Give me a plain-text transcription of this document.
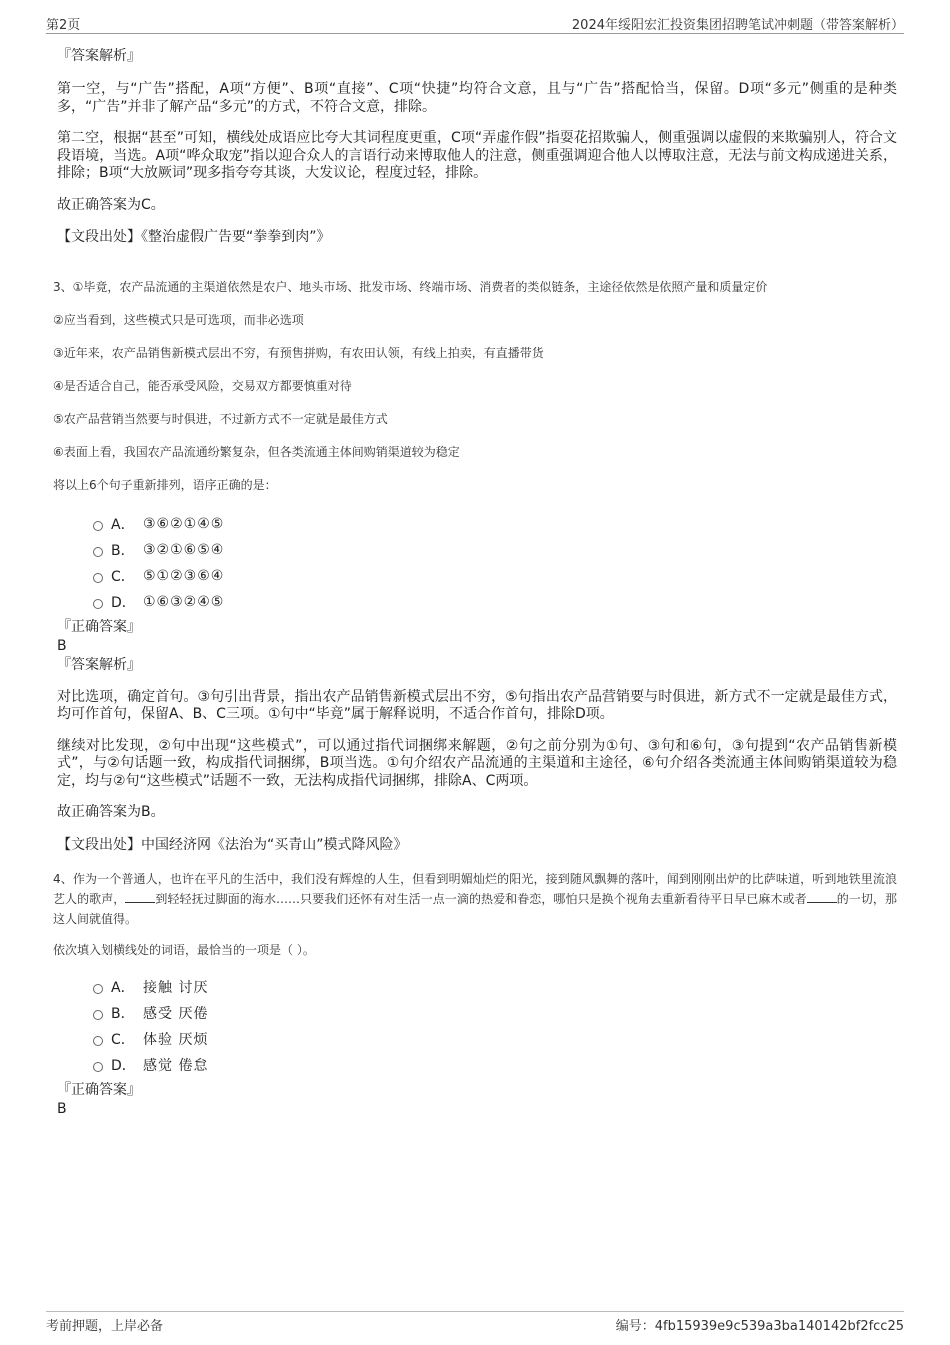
第2页	2024年绥阳宏汇投资集团招聘笔试冲刺题（带答案解析）
『答案解析』
第一空，与“广告”搭配，A项“方便”、B项“直接”、C项“快捷”均符合文意，且与“广告”搭配恰当，保留。D项“多元”侧重的是种类多，“广告”并非了解产品“多元”的方式，不符合文意，排除。
第二空，根据“甚至”可知，横线处成语应比夸大其词程度更重，C项“弄虚作假”指耍花招欺骗人，侧重强调以虚假的来欺骗别人，符合文段语境，当选。A项“哗众取宠”指以迎合众人的言语行动来博取他人的注意，侧重强调迎合他人以博取注意，无法与前文构成递进关系，排除；B项“大放厥词”现多指夸夸其谈，大发议论，程度过轻，排除。
故正确答案为C。
【文段出处】《整治虚假广告要“拳拳到肉”》
3、①毕竟，农产品流通的主渠道依然是农户、地头市场、批发市场、终端市场、消费者的类似链条，主途径依然是依照产量和质量定价
②应当看到，这些模式只是可选项，而非必选项
③近年来，农产品销售新模式层出不穷，有预售拼购，有农田认领，有线上拍卖，有直播带货
④是否适合自己，能否承受风险，交易双方都要慎重对待
⑤农产品营销当然要与时俱进，不过新方式不一定就是最佳方式
⑥表面上看，我国农产品流通纷繁复杂，但各类流通主体间购销渠道较为稳定
将以上6个句子重新排列，语序正确的是：
A． ③⑥②①④⑤
B． ③②①⑥⑤④
C． ⑤①②③⑥④
D． ①⑥③②④⑤
『正确答案』
B
『答案解析』
对比选项，确定首句。③句引出背景，指出农产品销售新模式层出不穷，⑤句指出农产品营销要与时俱进，新方式不一定就是最佳方式，均可作首句，保留A、B、C三项。①句中“毕竟”属于解释说明，不适合作首句，排除D项。
继续对比发现，②句中出现“这些模式”，可以通过指代词捆绑来解题，②句之前分别为①句、③句和⑥句，③句提到“农产品销售新模式”，与②句话题一致，构成指代词捆绑，B项当选。①句介绍农产品流通的主渠道和主途径，⑥句介绍各类流通主体间购销渠道较为稳定，均与②句“这些模式”话题不一致，无法构成指代词捆绑，排除A、C两项。
故正确答案为B。
【文段出处】中国经济网《法治为“买青山”模式降风险》
4、作为一个普通人，也许在平凡的生活中，我们没有辉煌的人生，但看到明媚灿烂的阳光，接到随风飘舞的落叶，闻到刚刚出炉的比萨味道，听到地铁里流浪艺人的歌声，	到轻轻抚过脚面的海水……只要我们还怀有对生活一点一滴的热爱和眷恋，哪怕只是换个视角去重新看待平日早已麻木或者	的一切，那这人间就值得。
依次填入划横线处的词语，最恰当的一项是（ ）。
A． 接触 讨厌
B． 感受 厌倦
C． 体验 厌烦
D． 感觉 倦怠
『正确答案』
B
考前押题，上岸必备	编号：4fb15939e9c539a3ba140142bf2fcc25
